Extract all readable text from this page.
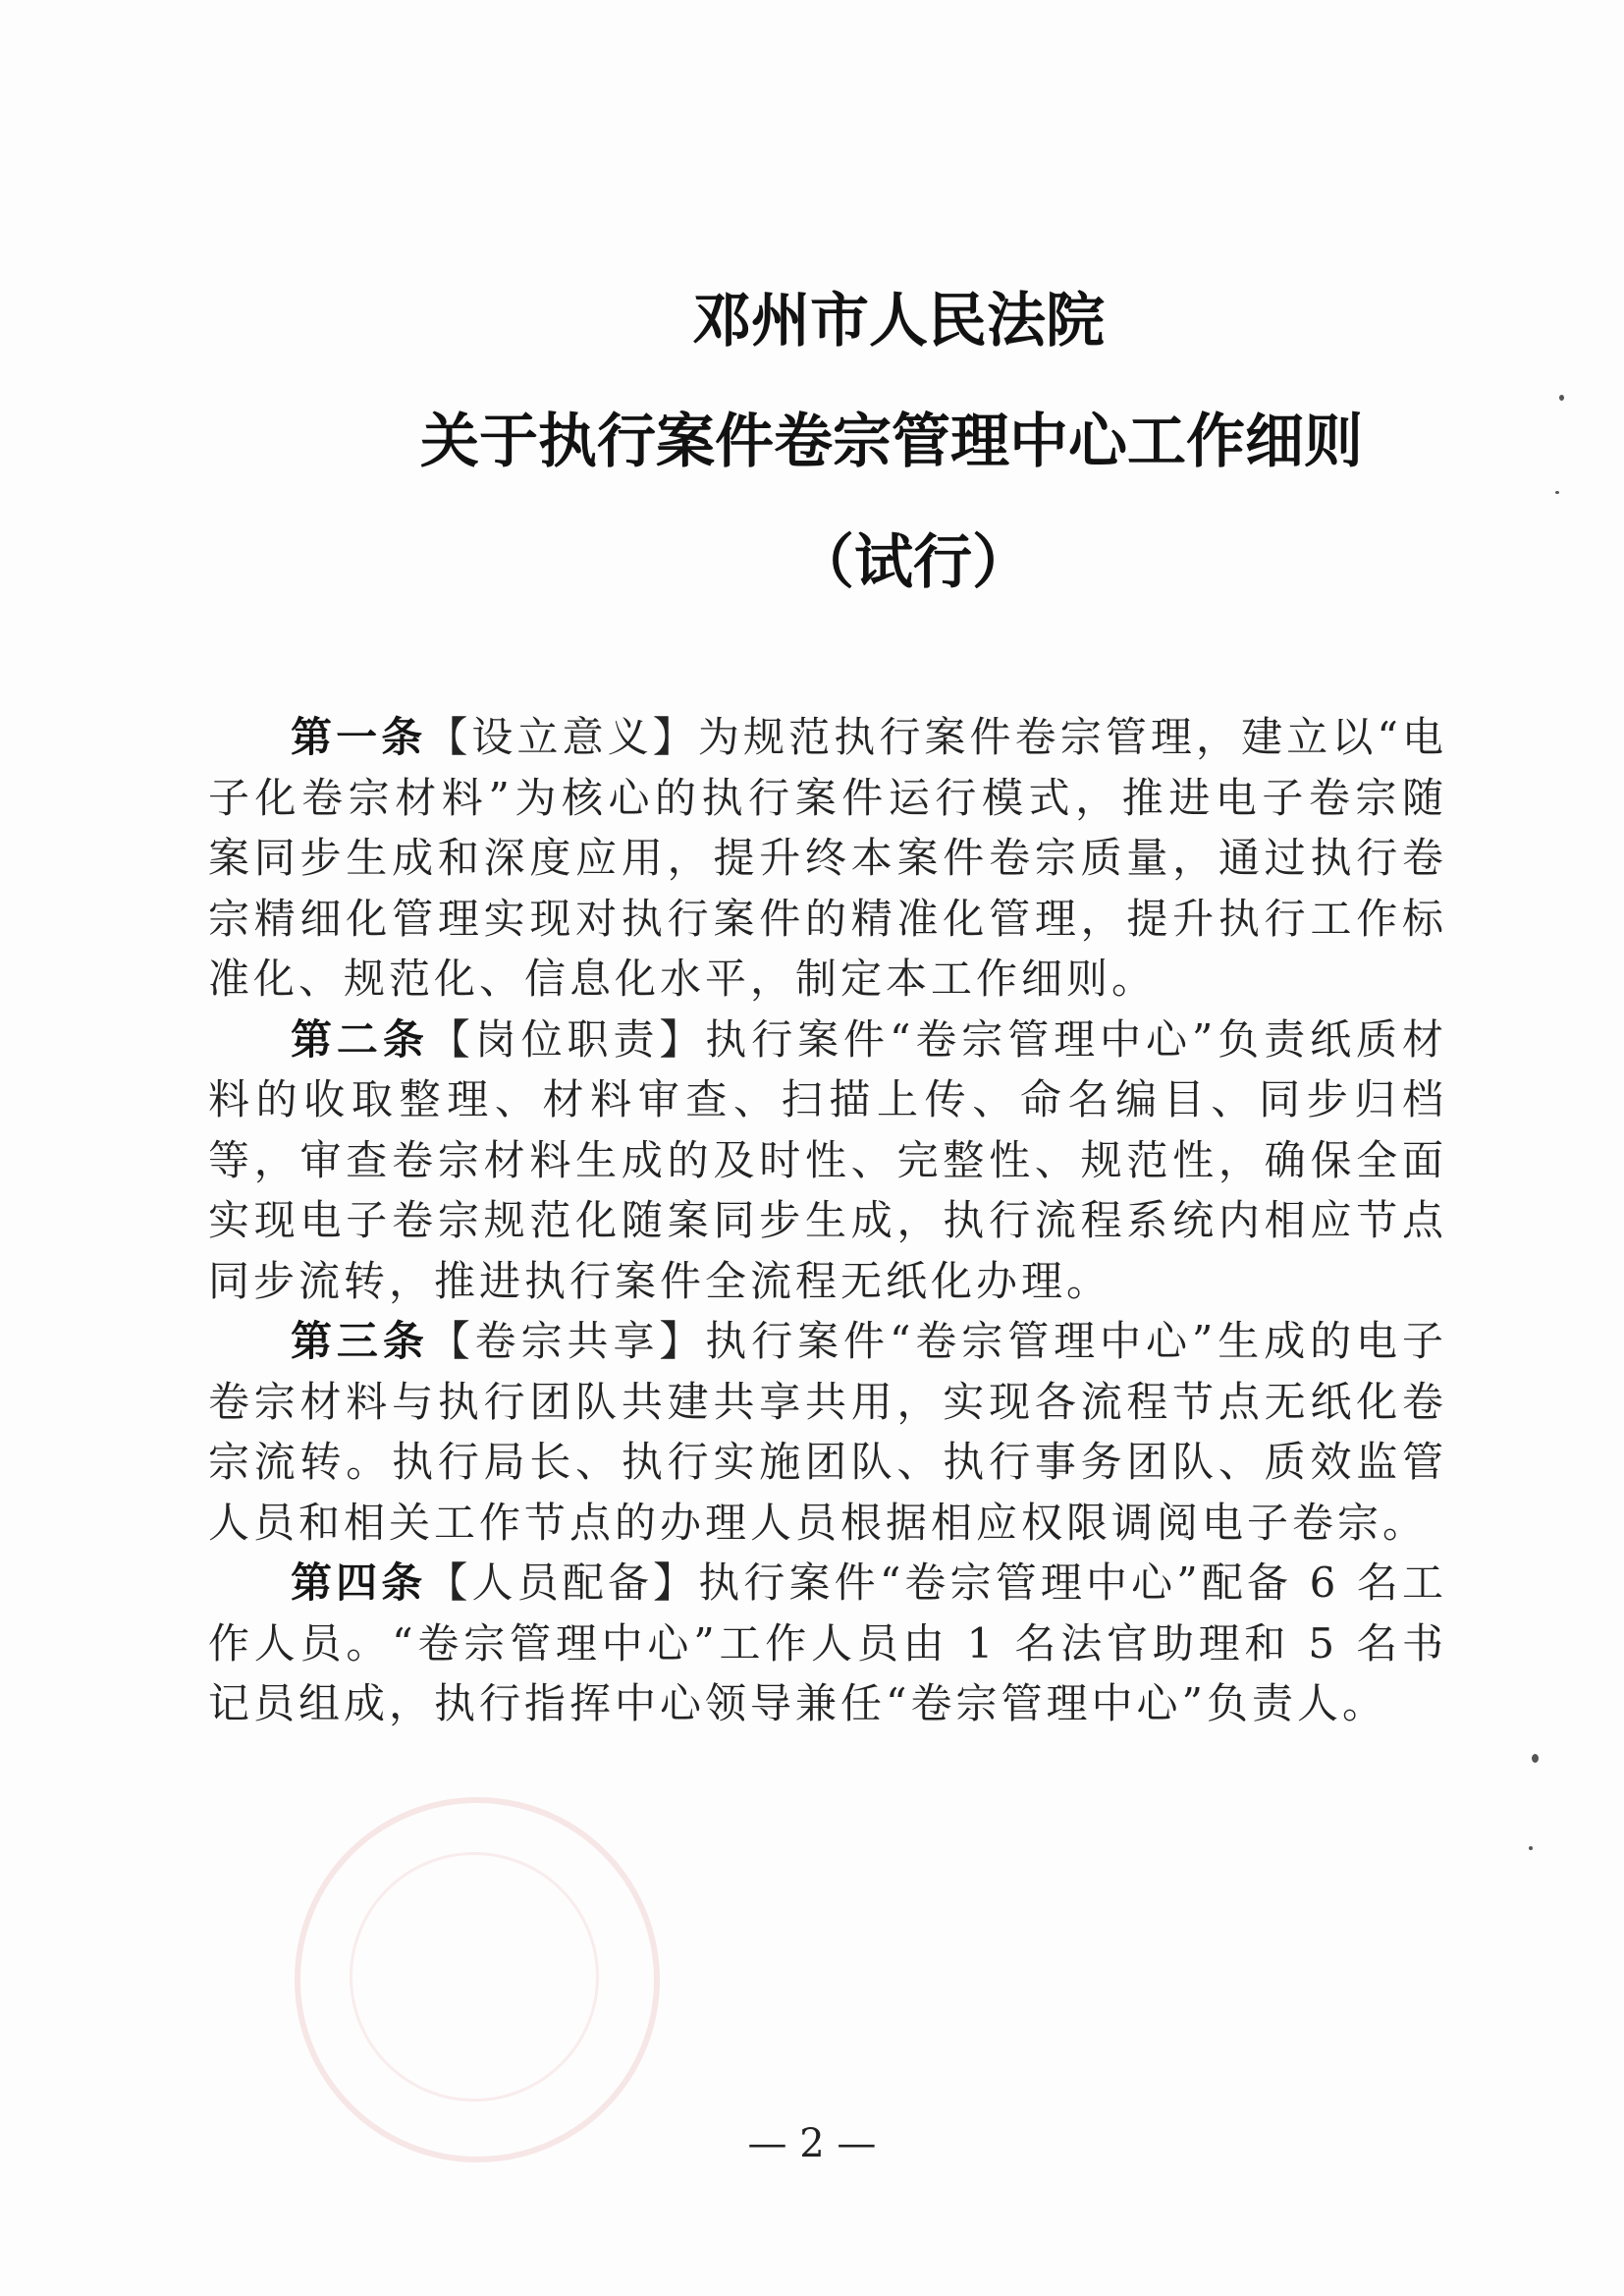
邓州市人民法院
关于执行案件卷宗管理中心工作细则
（试行）

第一条【设立意义】为规范执行案件卷宗管理，建立以“电子化卷宗材料”为核心的执行案件运行模式，推进电子卷宗随案同步生成和深度应用，提升终本案件卷宗质量，通过执行卷宗精细化管理实现对执行案件的精准化管理，提升执行工作标准化、规范化、信息化水平，制定本工作细则。

第二条【岗位职责】执行案件“卷宗管理中心”负责纸质材料的收取整理、材料审查、扫描上传、命名编目、同步归档等，审查卷宗材料生成的及时性、完整性、规范性，确保全面实现电子卷宗规范化随案同步生成，执行流程系统内相应节点同步流转，推进执行案件全流程无纸化办理。

第三条【卷宗共享】执行案件“卷宗管理中心”生成的电子卷宗材料与执行团队共建共享共用，实现各流程节点无纸化卷宗流转。执行局长、执行实施团队、执行事务团队、质效监管人员和相关工作节点的办理人员根据相应权限调阅电子卷宗。

第四条【人员配备】执行案件“卷宗管理中心”配备 6 名工作人员。“卷宗管理中心”工作人员由 1 名法官助理和 5 名书记员组成，执行指挥中心领导兼任“卷宗管理中心”负责人。

— 2 —
